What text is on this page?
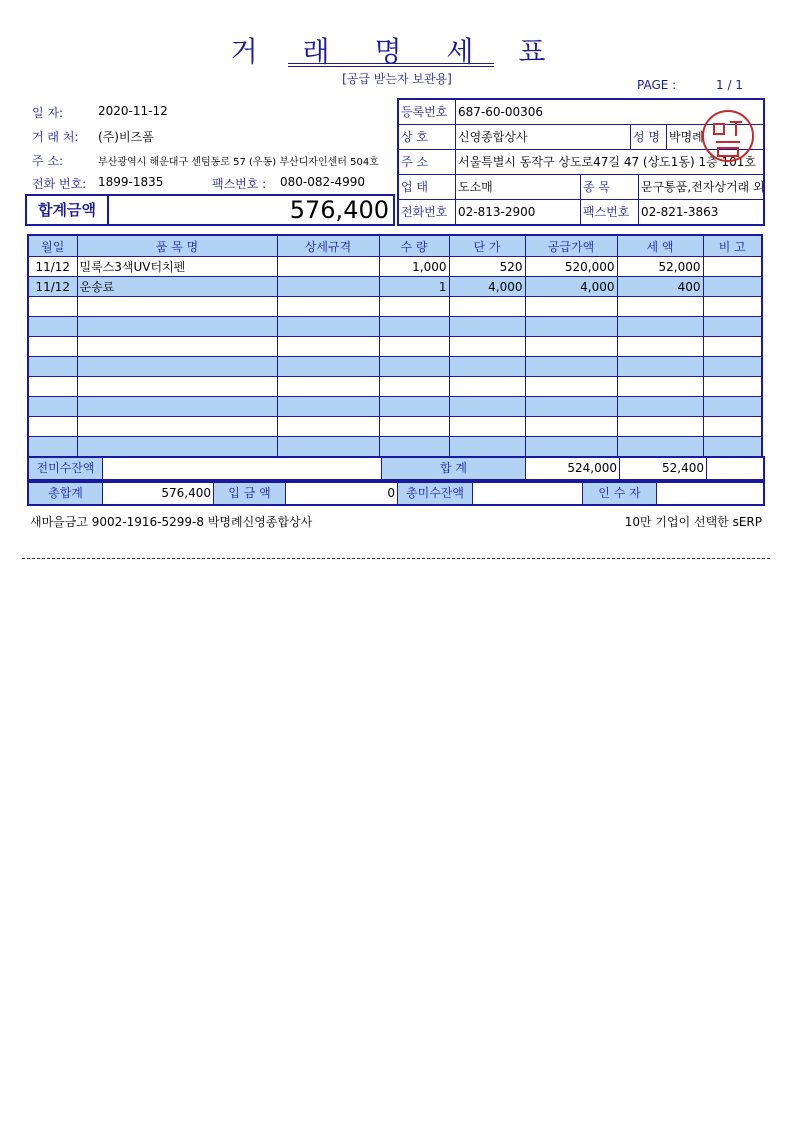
거 래 명 세 표
[공급 받는자 보관용]	PAGE :	1 / 1
일 자:	2020-11-12
거 래 처: (주)비즈폼
주 소:	부산광역시 해운대구 센텀동로 57 (우동) 부산디자인센터 504호
전화 번호: 1899-1835	팩스번호 : 080-082-4990
합계금액	576,400
등록번호 687-60-00306
상 호	신영종합상사	성 명 박명례
주 소	서울특별시 동작구 상도로47길 47 (상도1동) 1층 101호
업 태	도소매	종 목	문구통품,전자상거래 외
전화번호 02-813-2900	팩스번호 02-821-3863
월일	품 목 명	상세규격	수 량	단 가	공급가액	세 액	비 고
11/12	밀룩스3색UV터치펜		1,000	520	520,000	52,000	
11/12	운송료		1	4,000	4,000	400	

전미수잔액	합 계	524,000	52,400
총합계	576,400	입 금 액	0 총미수잔액	인 수 자
새마을금고 9002-1916-5299-8 박명례신영종합상사	10만 기업이 선택한 sERP
